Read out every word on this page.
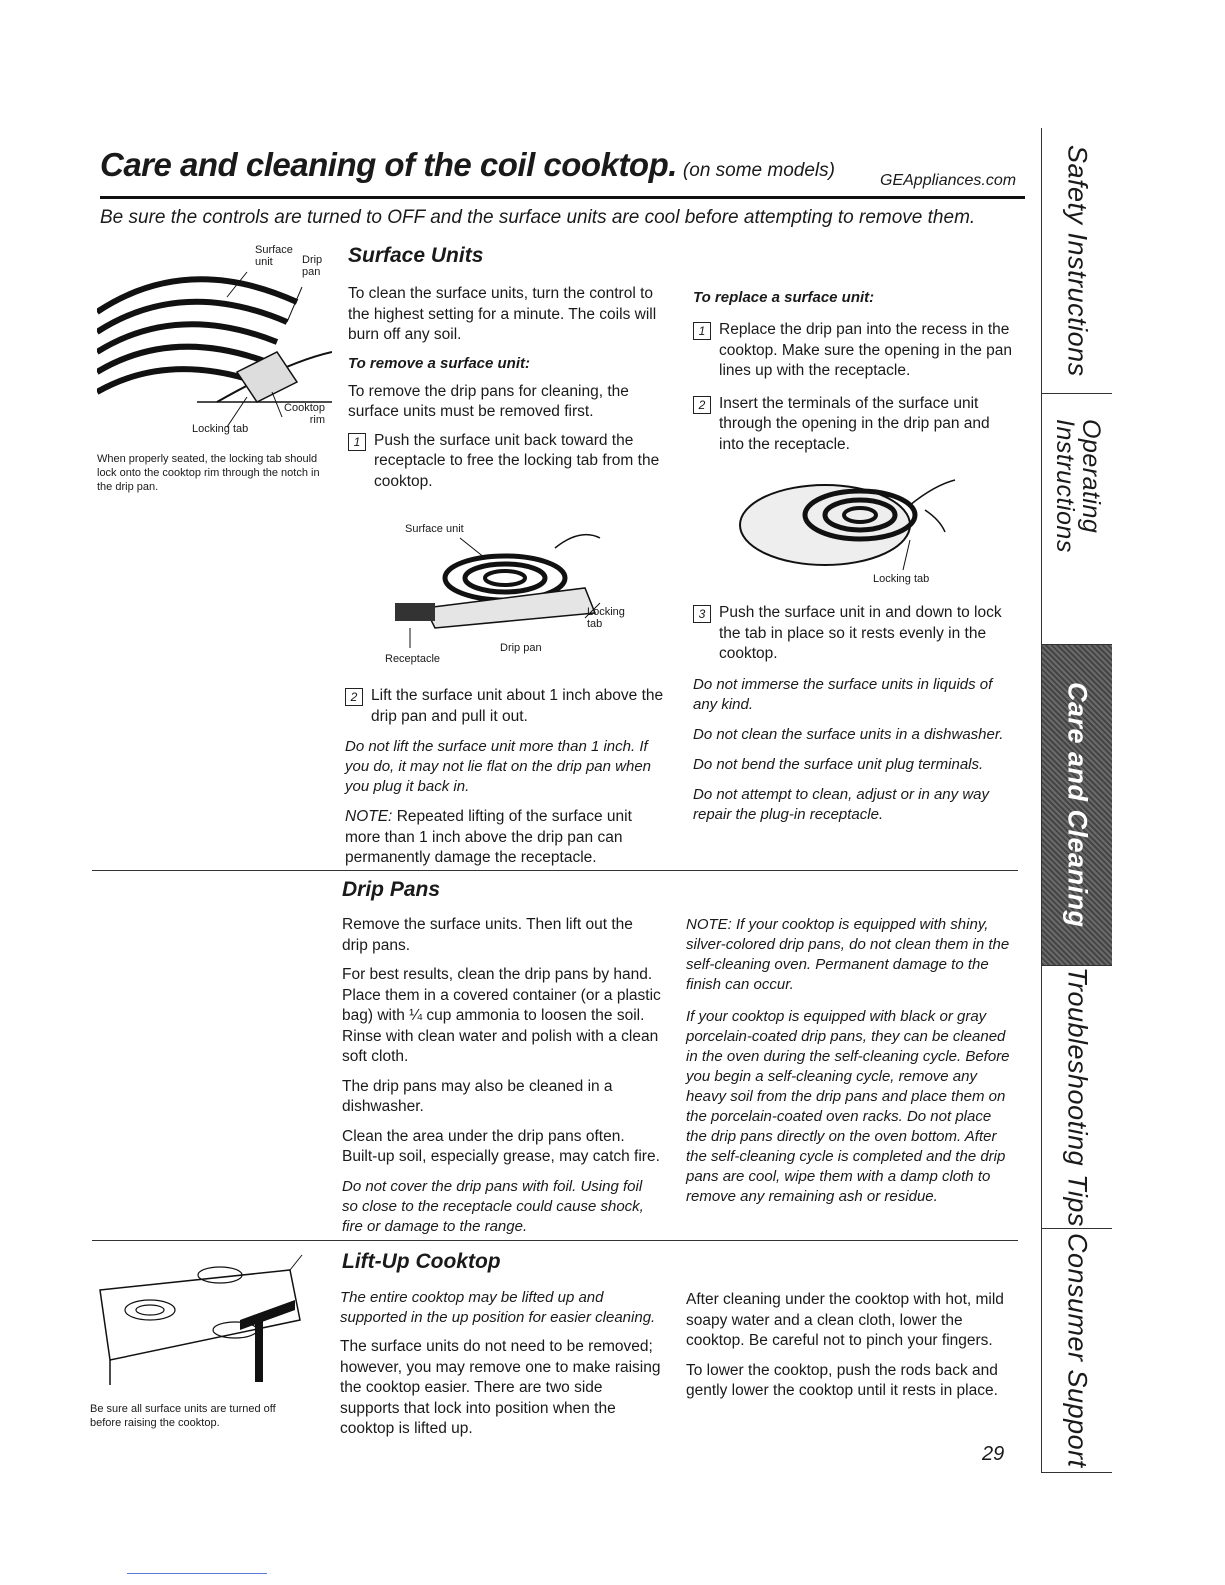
Care and cleaning of the coil cooktop. (on some models)	GEAppliances.com
Be sure the controls are turned to OFF and the surface units are cool before attempting to remove them.
Surface unit	Drip pan
Cooktop rim
Locking tab
When properly seated, the locking tab should lock onto the cooktop rim through the notch in the drip pan.
Surface Units

To clean the surface units, turn the control to the highest setting for a minute. The coils will burn off any soil.

To remove a surface unit:

To remove the drip pans for cleaning, the surface units must be removed first.

1 Push the surface unit back toward the receptacle to free the locking tab from the cooktop.

Surface unit
Locking tab
Drip pan
Receptacle
2 Lift the surface unit about 1 inch above the drip pan and pull it out.

Do not lift the surface unit more than 1 inch. If you do, it may not lie flat on the drip pan when you plug it back in.

NOTE: Repeated lifting of the surface unit more than 1 inch above the drip pan can permanently damage the receptacle.

To replace a surface unit:

1 Replace the drip pan into the recess in the cooktop. Make sure the opening in the pan lines up with the receptacle.

2 Insert the terminals of the surface unit through the opening in the drip pan and into the receptacle.

Locking tab
3 Push the surface unit in and down to lock the tab in place so it rests evenly in the cooktop.

Do not immerse the surface units in liquids of any kind.

Do not clean the surface units in a dishwasher.

Do not bend the surface unit plug terminals.

Do not attempt to clean, adjust or in any way repair the plug-in receptacle.

Drip Pans

Remove the surface units. Then lift out the drip pans.

For best results, clean the drip pans by hand. Place them in a covered container (or a plastic bag) with ¼ cup ammonia to loosen the soil. Rinse with clean water and polish with a clean soft cloth.

The drip pans may also be cleaned in a dishwasher.

Clean the area under the drip pans often. Built-up soil, especially grease, may catch fire.

Do not cover the drip pans with foil. Using foil so close to the receptacle could cause shock, fire or damage to the range.

NOTE: If your cooktop is equipped with shiny, silver-colored drip pans, do not clean them in the self-cleaning oven. Permanent damage to the finish can occur.

If your cooktop is equipped with black or gray porcelain-coated drip pans, they can be cleaned in the oven during the self-cleaning cycle. Before you begin a self-cleaning cycle, remove any heavy soil from the drip pans and place them on the porcelain-coated oven racks. Do not place the drip pans directly on the oven bottom. After the self-cleaning cycle is completed and the drip pans are cool, wipe them with a damp cloth to remove any remaining ash or residue.

Be sure all surface units are turned off before raising the cooktop.
Lift-Up Cooktop

The entire cooktop may be lifted up and supported in the up position for easier cleaning.

The surface units do not need to be removed; however, you may remove one to make raising the cooktop easier. There are two side supports that lock into position when the cooktop is lifted up.

After cleaning under the cooktop with hot, mild soapy water and a clean cloth, lower the cooktop. Be careful not to pinch your fingers.

To lower the cooktop, push the rods back and gently lower the cooktop until it rests in place.

29
Safety Instructions
Operating Instructions
Care and Cleaning
Troubleshooting Tips
Consumer Support
